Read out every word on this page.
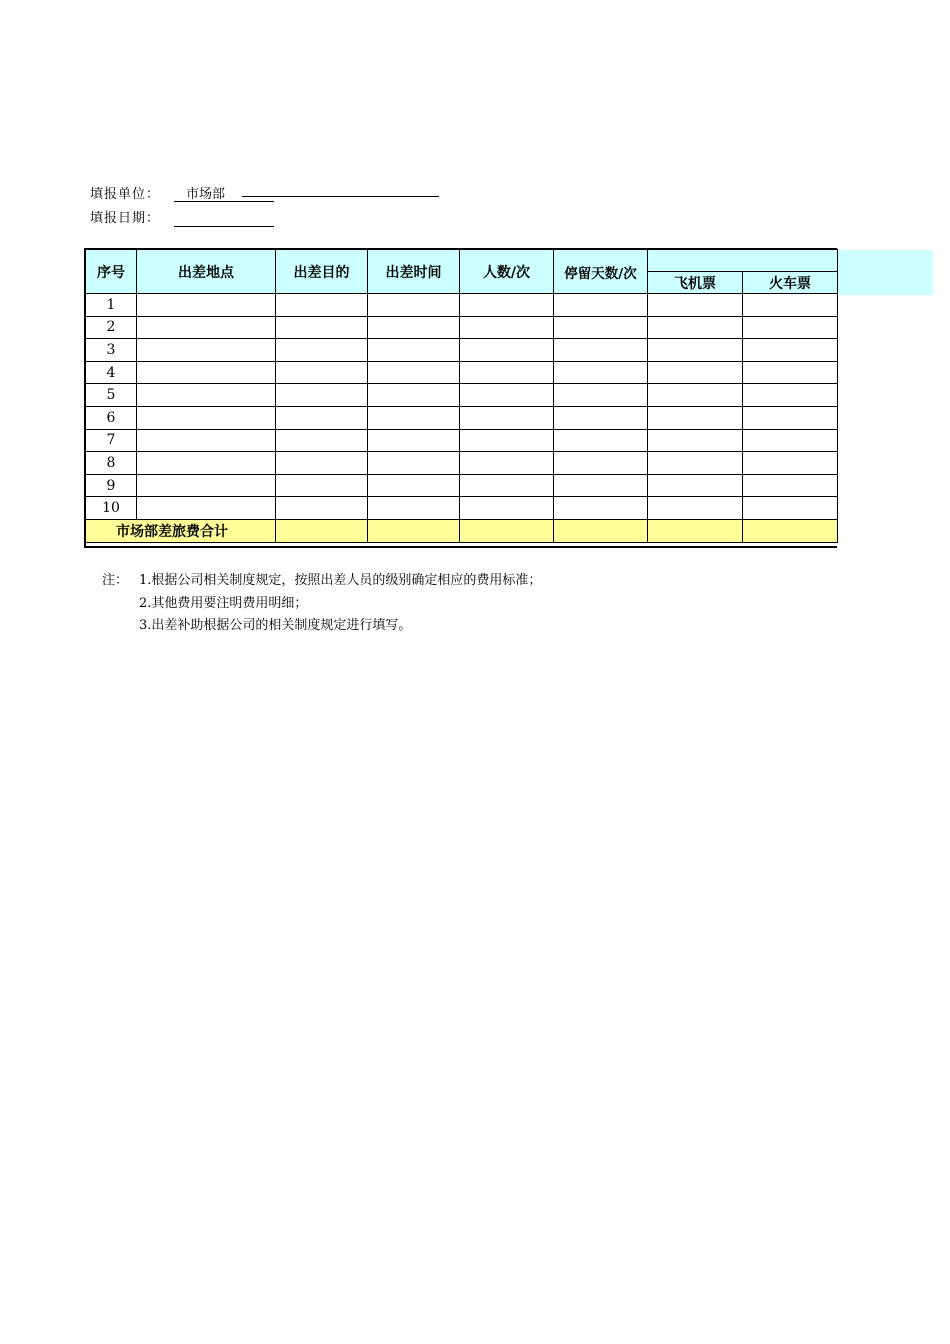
填报单位： 市场部
填报日期：
序号	出差地点	出差目的	出差时间	人数/次	停留天数/次		
						飞机票	火车票
1							
2							
3							
4							
5							
6							
7							
8							
9							
10							
市场部差旅费合计							
注： 1.根据公司相关制度规定，按照出差人员的级别确定相应的费用标准；
2.其他费用要注明费用明细；
3.出差补助根据公司的相关制度规定进行填写。
